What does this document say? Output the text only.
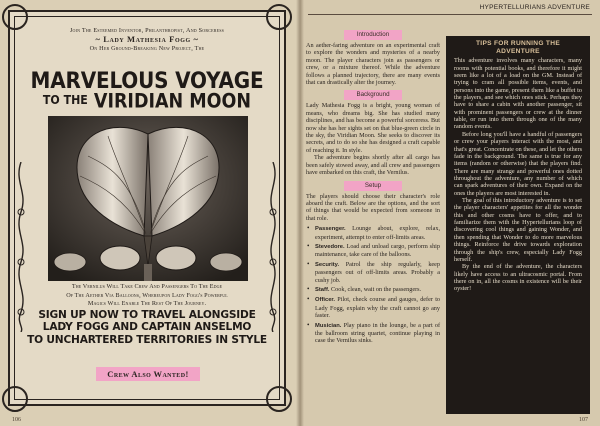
Join The Esteemed Inventor, Philanthropist, And Sorceress
~ Lady Mathesia Fogg ~
On Her Ground-Breaking New Project, The
MARVELOUS VOYAGE
TO THE VIRIDIAN MOON
The Vernilus Will Take Crew And Passengers To The Edge
Of The Aether Via Balloons, Whereupon Lady Fogg's Powerful
Magics Will Enable The Rest Of The Journey.
SIGN UP NOW TO TRAVEL ALONGSIDE
LADY FOGG AND CAPTAIN ANSELMO
TO UNCHARTERED TERRITORIES IN STYLE
Crew Also Wanted!
106	107
HYPERTELLURIANS ADVENTURE
Introduction

An aether-faring adventure on an experimental craft to explore the wonders and mysteries of a nearby moon. The player characters join as passengers or crew, or a mixture thereof. While the adventure follows a planned trajectory, there are many events that can drastically alter the journey.

Background

Lady Mathesia Fogg is a bright, young woman of means, who dreams big. She has studied many disciplines, and has become a powerful sorceress. But now she has her sights set on that blue-green circle in the sky, the Viridian Moon. She seeks to discover its secrets, and to do so she has designed a craft capable of reaching it. In style.

The adventure begins shortly after all cargo has been safely stowed away, and all crew and passengers have embarked on this craft, the Vernilus.

Setup

The players should choose their character's role aboard the craft. Below are the options, and the sort of things that would be expected from someone in that role.

• Passenger. Lounge about, explore, relax, experiment, attempt to enter off-limits areas.
• Stevedore. Load and unload cargo, perform ship maintenance, take care of the balloons.
• Security. Patrol the ship regularly, keep passengers out of off-limits areas. Probably a cushy job.
• Staff. Cook, clean, wait on the passengers.
• Officer. Pilot, check course and gauges, defer to Lady Fogg, explain why the craft cannot go any faster.
• Musician. Play piano in the lounge, be a part of the ballroom string quartet, continue playing in case the Vernilus sinks.
TIPS FOR RUNNING THE ADVENTURE

This adventure involves many characters, many rooms with potential books, and therefore it might seem like a lot of a load on the GM. Instead of trying to cram all possible items, events, and persons into the game, present them like a buffet to the players, and see which ones stick. Perhaps they have to share a cabin with another passenger, sit with prominent passengers or crew at the dinner table, or run into them through one of the many random events.

Before long you'll have a handful of passengers or crew your players interact with the most, and that's great. Concentrate on these, and let the others fade in the background. The same is true for any items (random or otherwise) that the players find. There are many strange and powerful ones dotted throughout the adventure, any number of which can spark adventures of their own. Expand on the ones the players are most interested in.

The goal of this introductory adventure is to set the player characters' appetites for all the wonder this and other cosms have to offer, and to familiarize them with the Hypertellurians loop of discovering cool things and gaining Wonder, and then spending that Wonder to do more marvelous things. Reinforce the drive towards exploration through the ship's crew, especially Lady Fogg herself.

By the end of the adventure, the characters likely have access to an ultracosmic portal. From there on in, all the cosms in existence will be their oyster!
